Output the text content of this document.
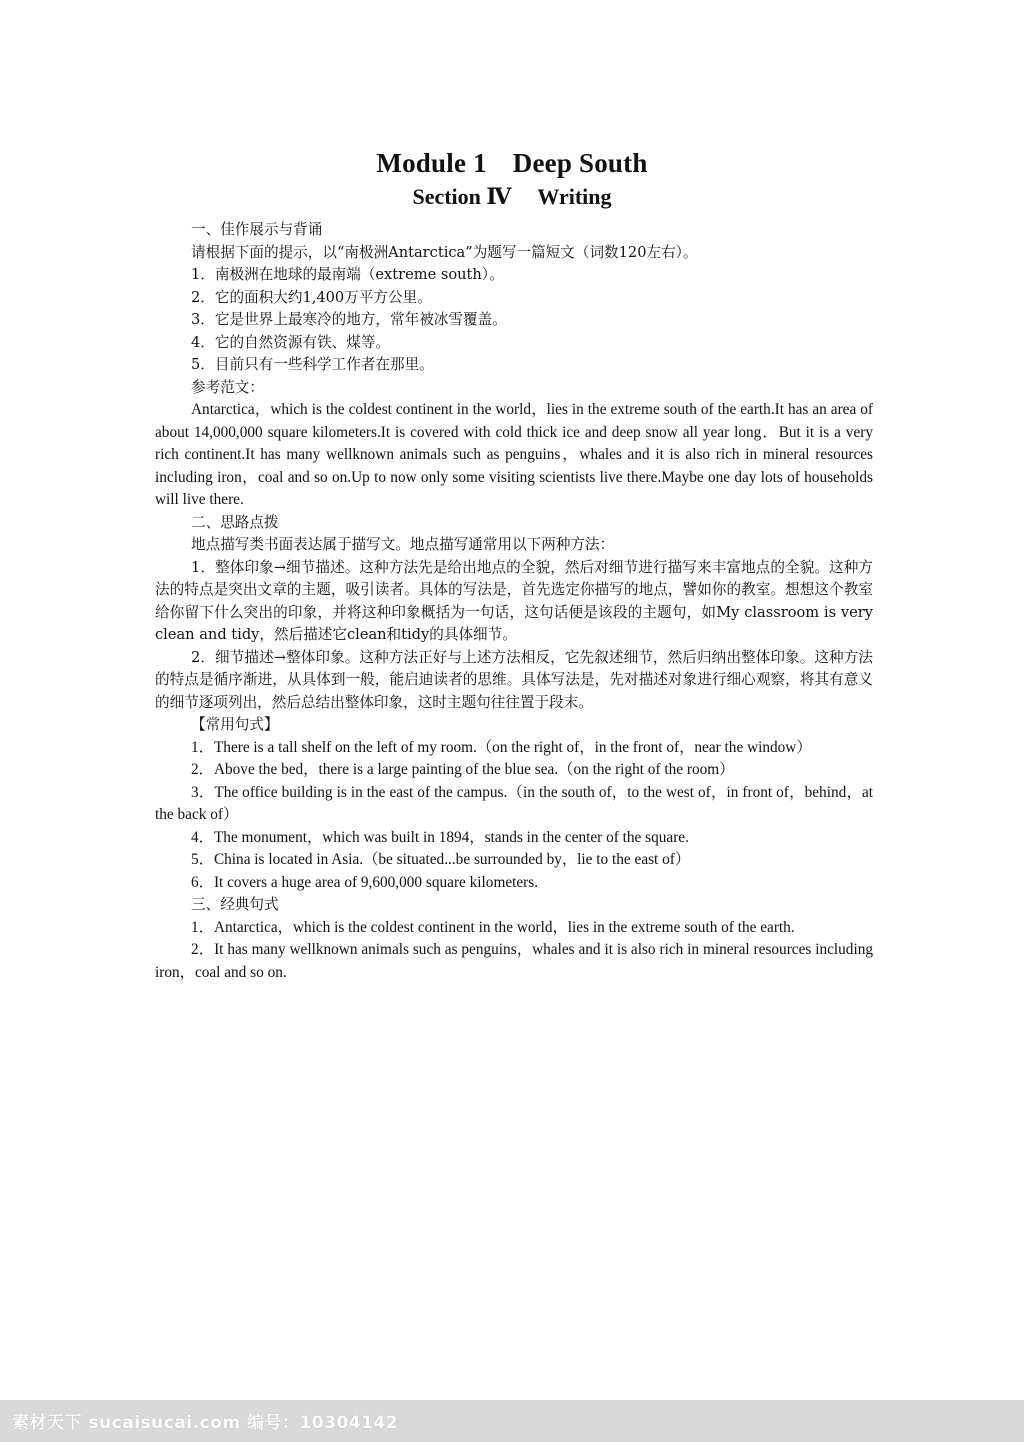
Module 1 Deep South
Section Ⅳ Writing

一、佳作展示与背诵

请根据下面的提示，以“南极洲Antarctica”为题写一篇短文（词数120左右）。

1．南极洲在地球的最南端（extreme south）。

2．它的面积大约1,400万平方公里。

3．它是世界上最寒冷的地方，常年被冰雪覆盖。

4．它的自然资源有铁、煤等。

5．目前只有一些科学工作者在那里。

参考范文：

Antarctica，which is the coldest continent in the world，lies in the extreme south of the earth.It has an area of about 14,000,000 square kilometers.It is covered with cold thick ice and deep snow all year long．But it is a very rich continent.It has many wellknown animals such as penguins，whales and it is also rich in mineral resources including iron，coal and so on.Up to now only some visiting scientists live there.Maybe one day lots of households will live there.

二、思路点拨

地点描写类书面表达属于描写文。地点描写通常用以下两种方法：

1．整体印象→细节描述。这种方法先是给出地点的全貌，然后对细节进行描写来丰富地点的全貌。这种方法的特点是突出文章的主题，吸引读者。具体的写法是，首先选定你描写的地点，譬如你的教室。想想这个教室给你留下什么突出的印象，并将这种印象概括为一句话，这句话便是该段的主题句，如My classroom is very clean and tidy，然后描述它clean和tidy的具体细节。

2．细节描述→整体印象。这种方法正好与上述方法相反，它先叙述细节，然后归纳出整体印象。这种方法的特点是循序渐进，从具体到一般，能启迪读者的思维。具体写法是，先对描述对象进行细心观察，将其有意义的细节逐项列出，然后总结出整体印象，这时主题句往往置于段末。

【常用句式】

1．There is a tall shelf on the left of my room.（on the right of，in the front of，near the window）

2．Above the bed，there is a large painting of the blue sea.（on the right of the room）

3．The office building is in the east of the campus.（in the south of，to the west of，in front of，behind，at the back of）

4．The monument，which was built in 1894，stands in the center of the square.

5．China is located in Asia.（be situated...be surrounded by，lie to the east of）

6．It covers a huge area of 9,600,000 square kilometers.

三、经典句式

1．Antarctica，which is the coldest continent in the world，lies in the extreme south of the earth.

2．It has many wellknown animals such as penguins，whales and it is also rich in mineral resources including iron，coal and so on.

素材天下 sucaisucai.com 编号：10304142
